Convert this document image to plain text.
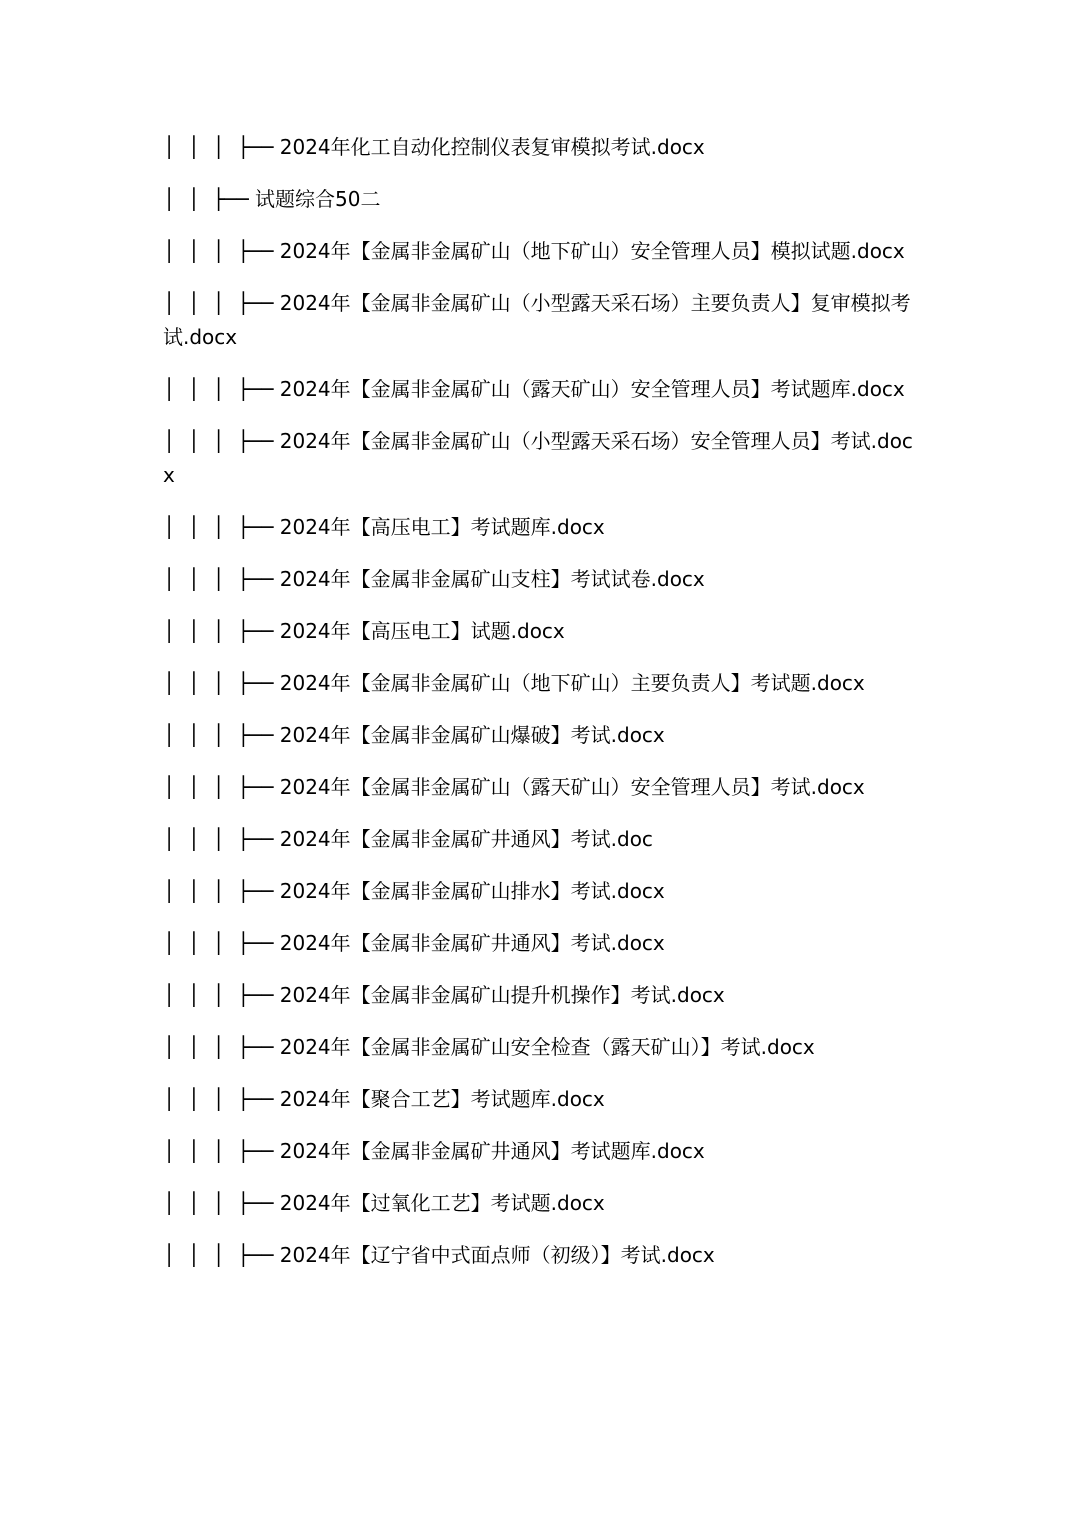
│  │  │  ├── 2024年化工自动化控制仪表复审模拟考试.docx
│  │  ├── 试题综合50二
│  │  │  ├── 2024年【金属非金属矿山（地下矿山）安全管理人员】模拟试题.docx
│  │  │  ├── 2024年【金属非金属矿山（小型露天采石场）主要负责人】复审模拟考试.docx
│  │  │  ├── 2024年【金属非金属矿山（露天矿山）安全管理人员】考试题库.docx
│  │  │  ├── 2024年【金属非金属矿山（小型露天采石场）安全管理人员】考试.docx
│  │  │  ├── 2024年【高压电工】考试题库.docx
│  │  │  ├── 2024年【金属非金属矿山支柱】考试试卷.docx
│  │  │  ├── 2024年【高压电工】试题.docx
│  │  │  ├── 2024年【金属非金属矿山（地下矿山）主要负责人】考试题.docx
│  │  │  ├── 2024年【金属非金属矿山爆破】考试.docx
│  │  │  ├── 2024年【金属非金属矿山（露天矿山）安全管理人员】考试.docx
│  │  │  ├── 2024年【金属非金属矿井通风】考试.doc
│  │  │  ├── 2024年【金属非金属矿山排水】考试.docx
│  │  │  ├── 2024年【金属非金属矿井通风】考试.docx
│  │  │  ├── 2024年【金属非金属矿山提升机操作】考试.docx
│  │  │  ├── 2024年【金属非金属矿山安全检查（露天矿山）】考试.docx
│  │  │  ├── 2024年【聚合工艺】考试题库.docx
│  │  │  ├── 2024年【金属非金属矿井通风】考试题库.docx
│  │  │  ├── 2024年【过氧化工艺】考试题.docx
│  │  │  ├── 2024年【辽宁省中式面点师（初级）】考试.docx
